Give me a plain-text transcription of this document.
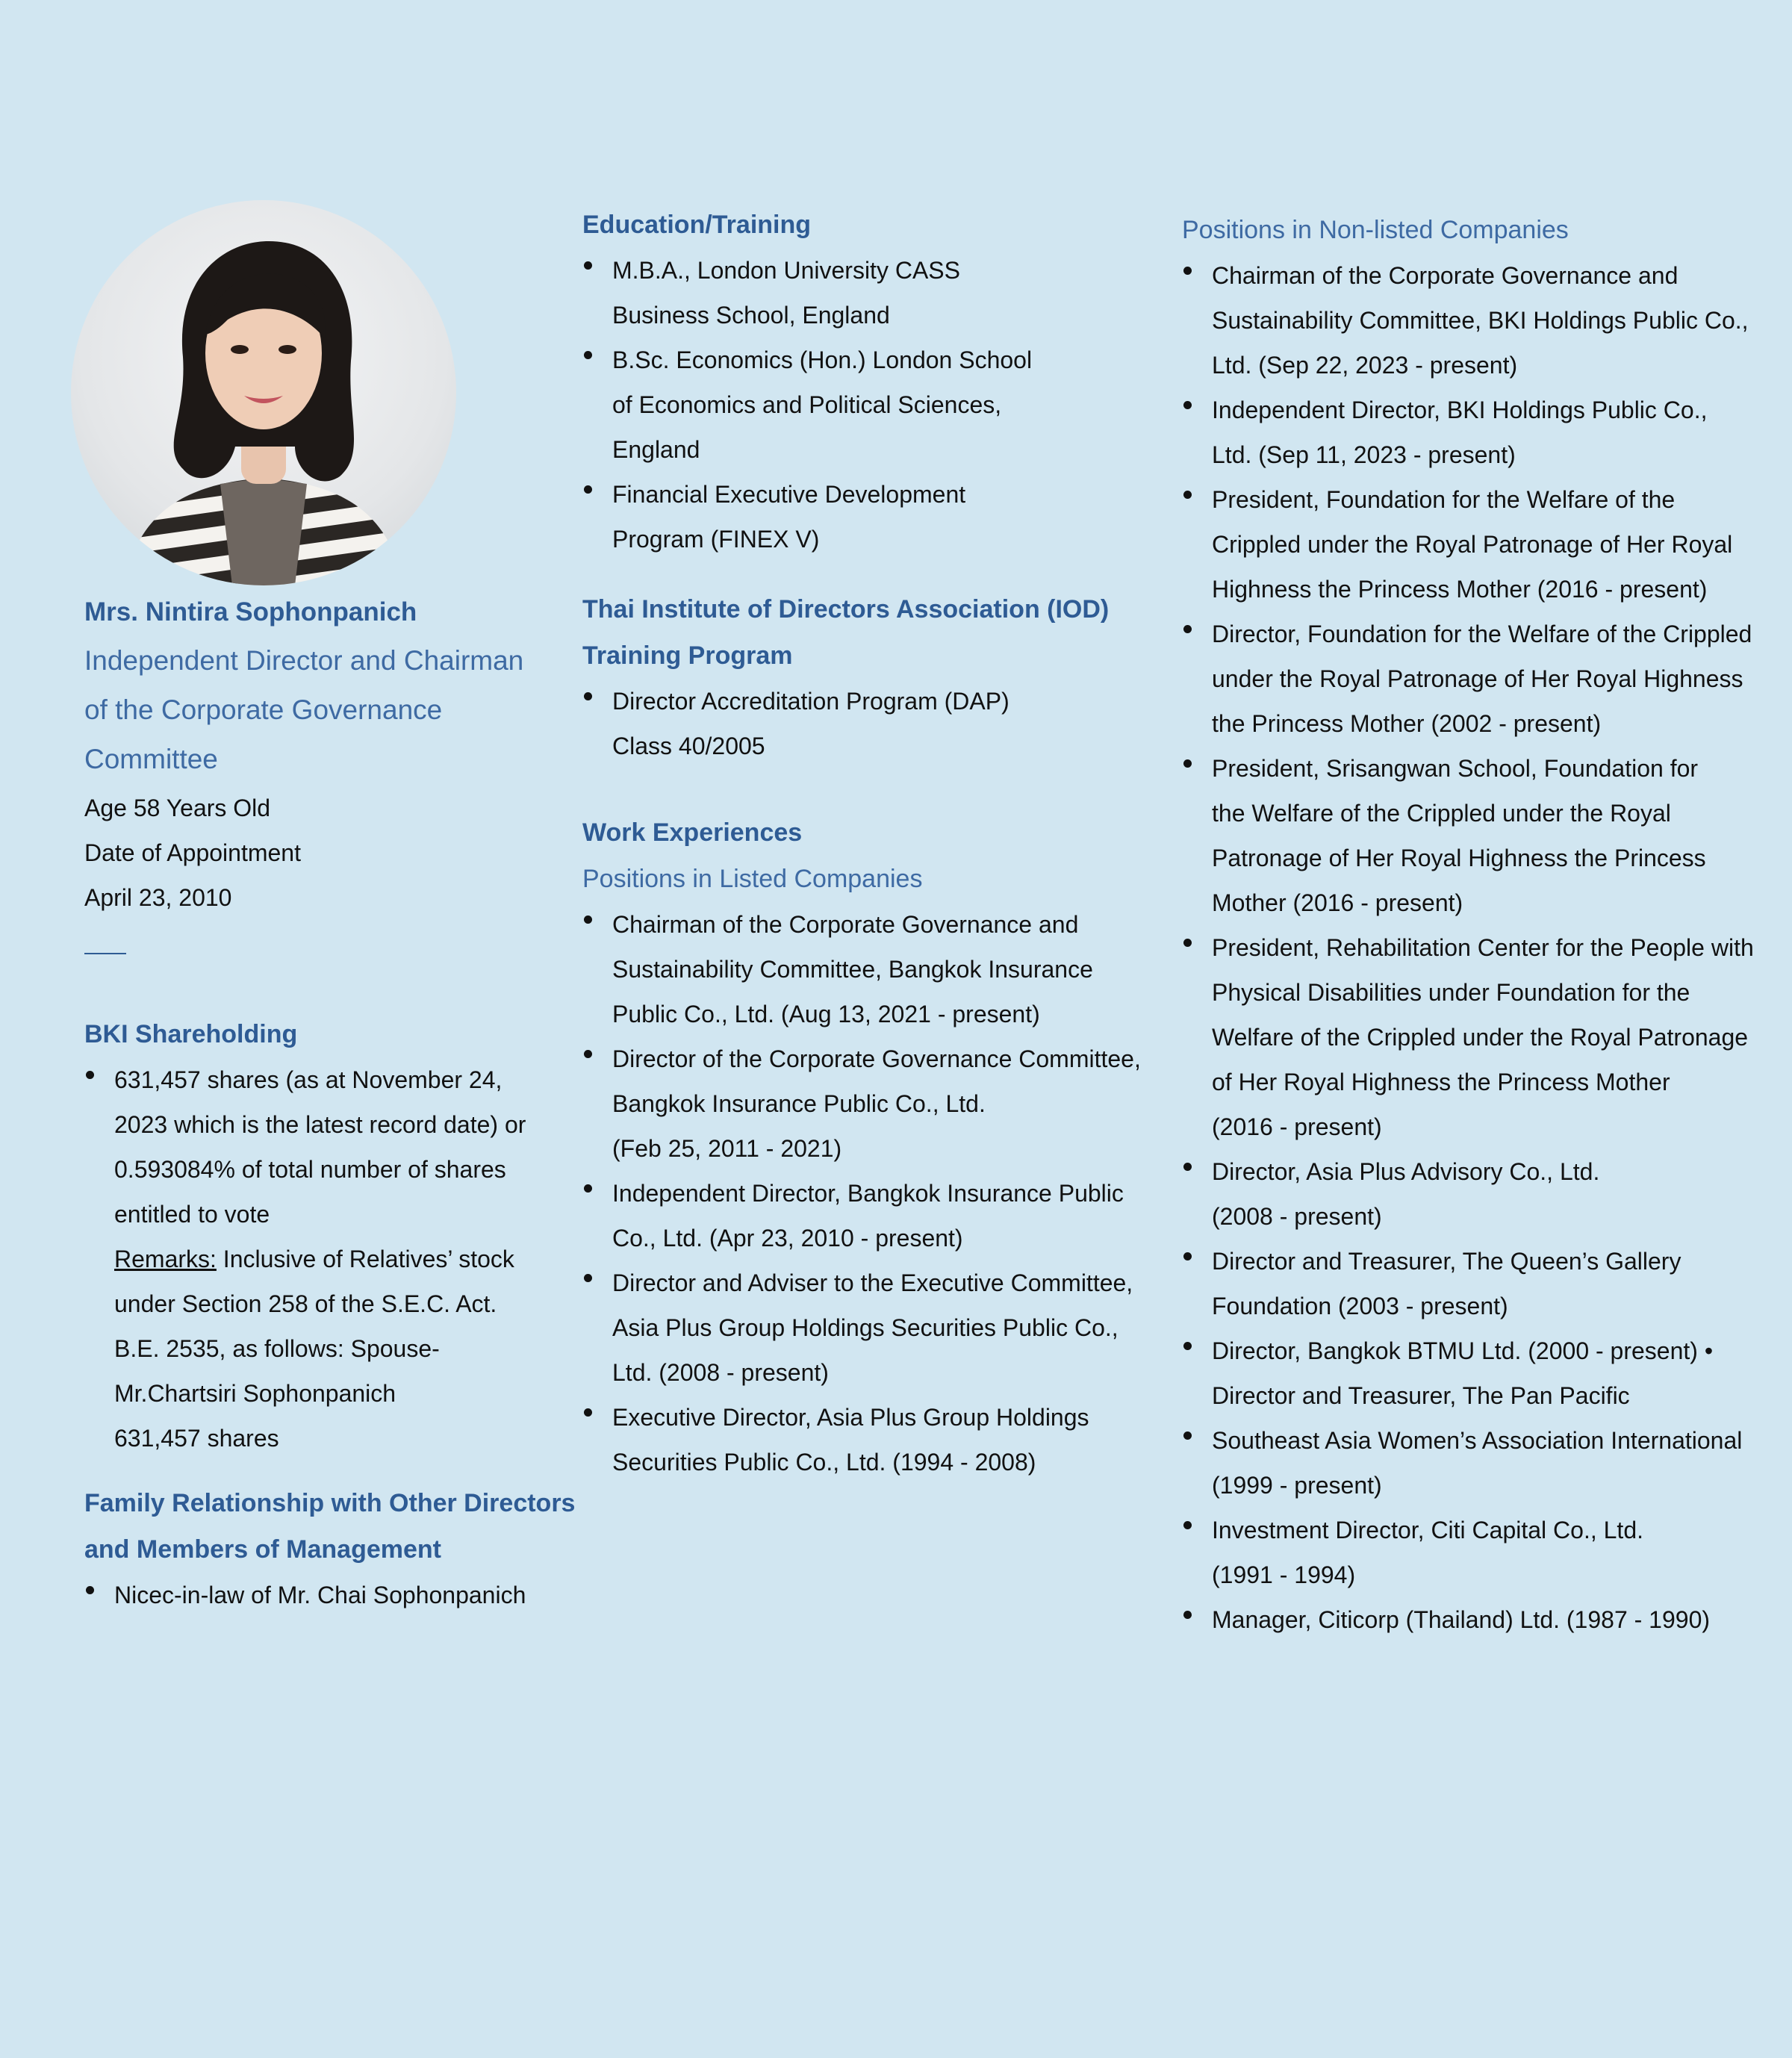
Mrs. Nintira Sophonpanich
Independent Director and Chairman
of the Corporate Governance
Committee
Age 58 Years Old
Date of Appointment
April 23, 2010
BKI Shareholding
631,457 shares (as at November 24,
2023 which is the latest record date) or
0.593084% of total number of shares
entitled to vote
Remarks: Inclusive of Relatives’ stock
under Section 258 of the S.E.C. Act.
B.E. 2535, as follows: Spouse-
Mr.Chartsiri Sophonpanich
631,457 shares
Family Relationship with Other Directors
and Members of Management
Nicec-in-law of Mr. Chai Sophonpanich
Education/Training
M.B.A., London University CASS
Business School, England
B.Sc. Economics (Hon.) London School
of Economics and Political Sciences,
England
Financial Executive Development
Program (FINEX V)
Thai Institute of Directors Association (IOD)
Training Program
Director Accreditation Program (DAP)
Class 40/2005
Work Experiences
Positions in Listed Companies
Chairman of the Corporate Governance and
Sustainability Committee, Bangkok Insurance
Public Co., Ltd. (Aug 13, 2021 - present)
Director of the Corporate Governance Committee,
Bangkok Insurance Public Co., Ltd.
(Feb 25, 2011 - 2021)
Independent Director, Bangkok Insurance Public
Co., Ltd. (Apr 23, 2010 - present)
Director and Adviser to the Executive Committee,
Asia Plus Group Holdings Securities Public Co.,
Ltd. (2008 - present)
Executive Director, Asia Plus Group Holdings
Securities Public Co., Ltd. (1994 - 2008)
Positions in Non-listed Companies
Chairman of the Corporate Governance and
Sustainability Committee, BKI Holdings Public Co.,
Ltd. (Sep 22, 2023 - present)
Independent Director, BKI Holdings Public Co.,
Ltd. (Sep 11, 2023 - present)
President, Foundation for the Welfare of the
Crippled under the Royal Patronage of Her Royal
Highness the Princess Mother (2016 - present)
Director, Foundation for the Welfare of the Crippled
under the Royal Patronage of Her Royal Highness
the Princess Mother (2002 - present)
President, Srisangwan School, Foundation for
the Welfare of the Crippled under the Royal
Patronage of Her Royal Highness the Princess
Mother (2016 - present)
President, Rehabilitation Center for the People with
Physical Disabilities under Foundation for the
Welfare of the Crippled under the Royal Patronage
of Her Royal Highness the Princess Mother
(2016 - present)
Director, Asia Plus Advisory Co., Ltd.
(2008 - present)
Director and Treasurer, The Queen’s Gallery
Foundation (2003 - present)
Director, Bangkok BTMU Ltd. (2000 - present) •
Director and Treasurer, The Pan Pacific
Southeast Asia Women’s Association International
(1999 - present)
Investment Director, Citi Capital Co., Ltd.
(1991 - 1994)
Manager, Citicorp (Thailand) Ltd. (1987 - 1990)
